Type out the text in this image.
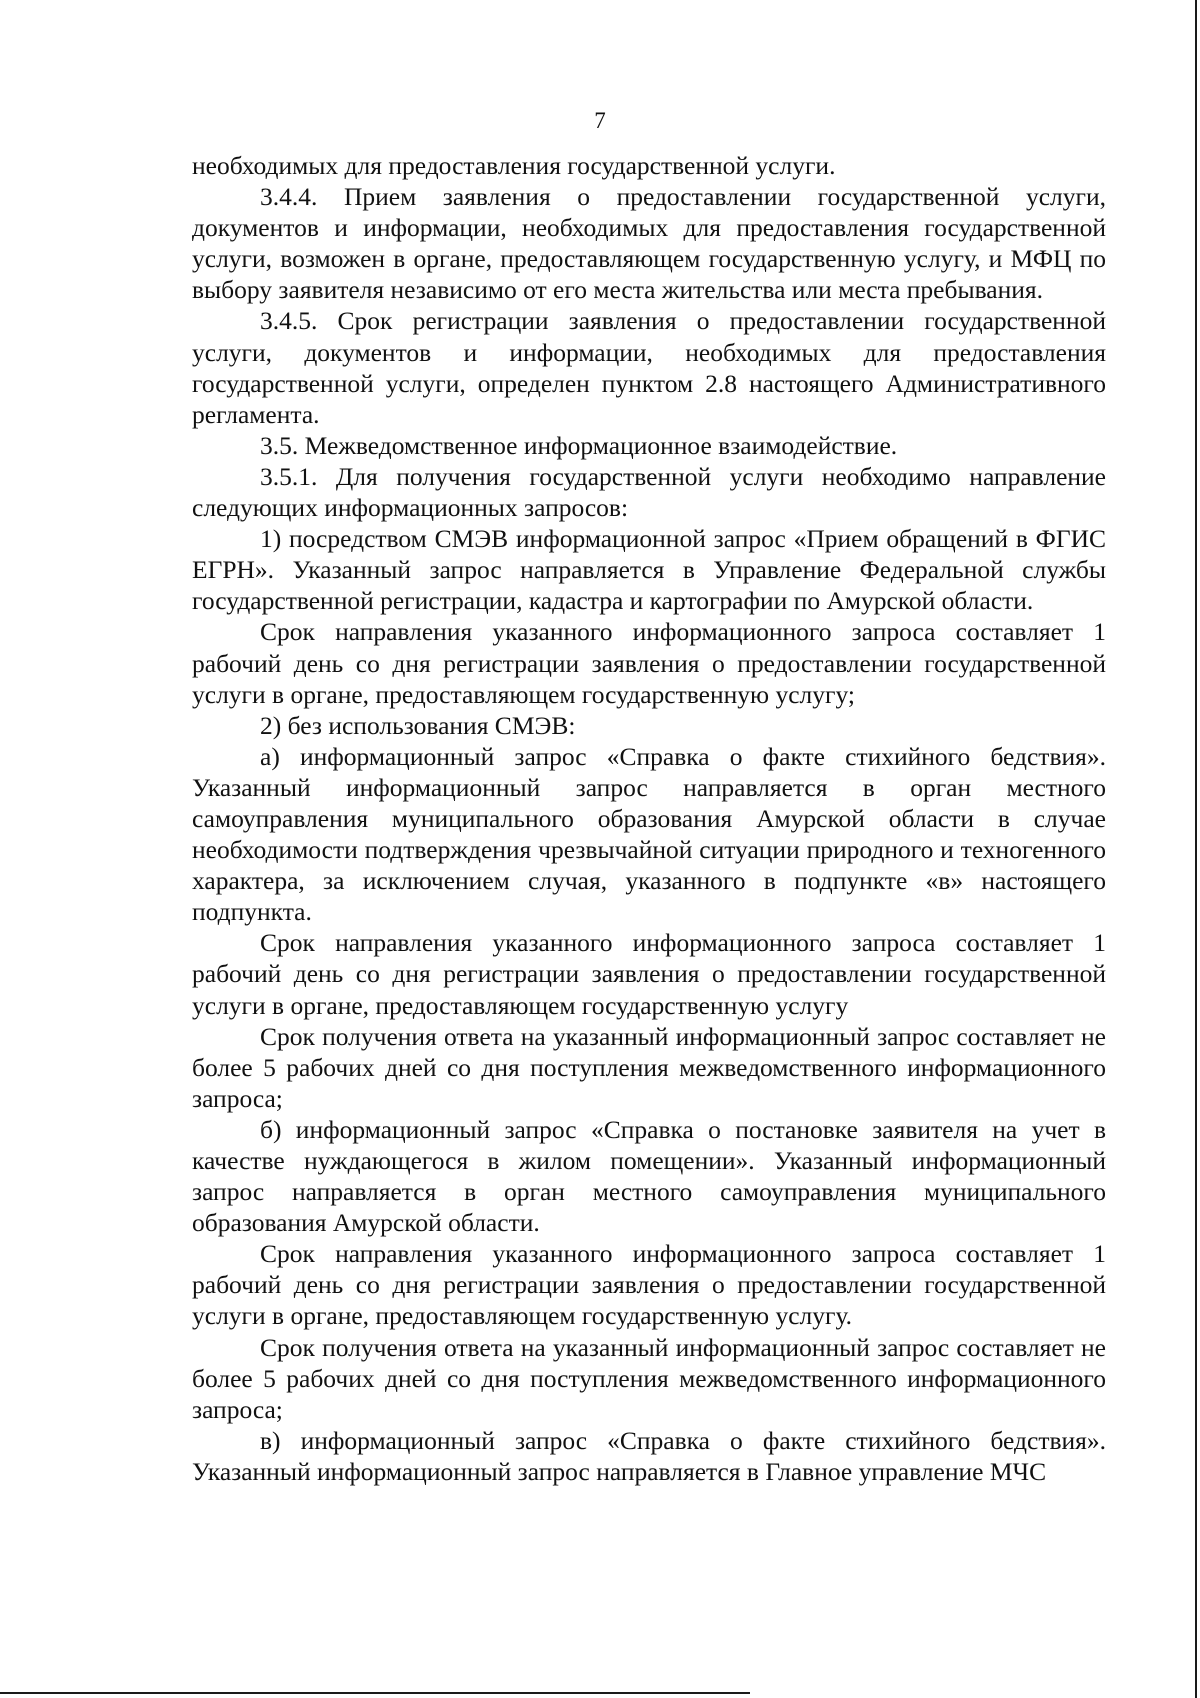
7

необходимых для предоставления государственной услуги.

3.4.4. Прием заявления о предоставлении государственной услуги, документов и информации, необходимых для предоставления государственной услуги, возможен в органе, предоставляющем государственную услугу, и МФЦ по выбору заявителя независимо от его места жительства или места пребывания.

3.4.5. Срок регистрации заявления о предоставлении государственной услуги, документов и информации, необходимых для предоставления государственной услуги, определен пунктом 2.8 настоящего Административного регламента.

3.5. Межведомственное информационное взаимодействие.

3.5.1. Для получения государственной услуги необходимо направление следующих информационных запросов:

1) посредством СМЭВ информационной запрос «Прием обращений в ФГИС ЕГРН». Указанный запрос направляется в Управление Федеральной службы государственной регистрации, кадастра и картографии по Амурской области.

Срок направления указанного информационного запроса составляет 1 рабочий день со дня регистрации заявления о предоставлении государственной услуги в органе, предоставляющем государственную услугу;

2) без использования СМЭВ:

а) информационный запрос «Справка о факте стихийного бедствия». Указанный информационный запрос направляется в орган местного самоуправления муниципального образования Амурской области в случае необходимости подтверждения чрезвычайной ситуации природного и техногенного характера, за исключением случая, указанного в подпункте «в» настоящего подпункта.

Срок направления указанного информационного запроса составляет 1 рабочий день со дня регистрации заявления о предоставлении государственной услуги в органе, предоставляющем государственную услугу

Срок получения ответа на указанный информационный запрос составляет не более 5 рабочих дней со дня поступления межведомственного информационного запроса;

б) информационный запрос «Справка о постановке заявителя на учет в качестве нуждающегося в жилом помещении». Указанный информационный запрос направляется в орган местного самоуправления муниципального образования Амурской области.

Срок направления указанного информационного запроса составляет 1 рабочий день со дня регистрации заявления о предоставлении государственной услуги в органе, предоставляющем государственную услугу.

Срок получения ответа на указанный информационный запрос составляет не более 5 рабочих дней со дня поступления межведомственного информационного запроса;

в) информационный запрос «Справка о факте стихийного бедствия». Указанный информационный запрос направляется в Главное управление МЧС
